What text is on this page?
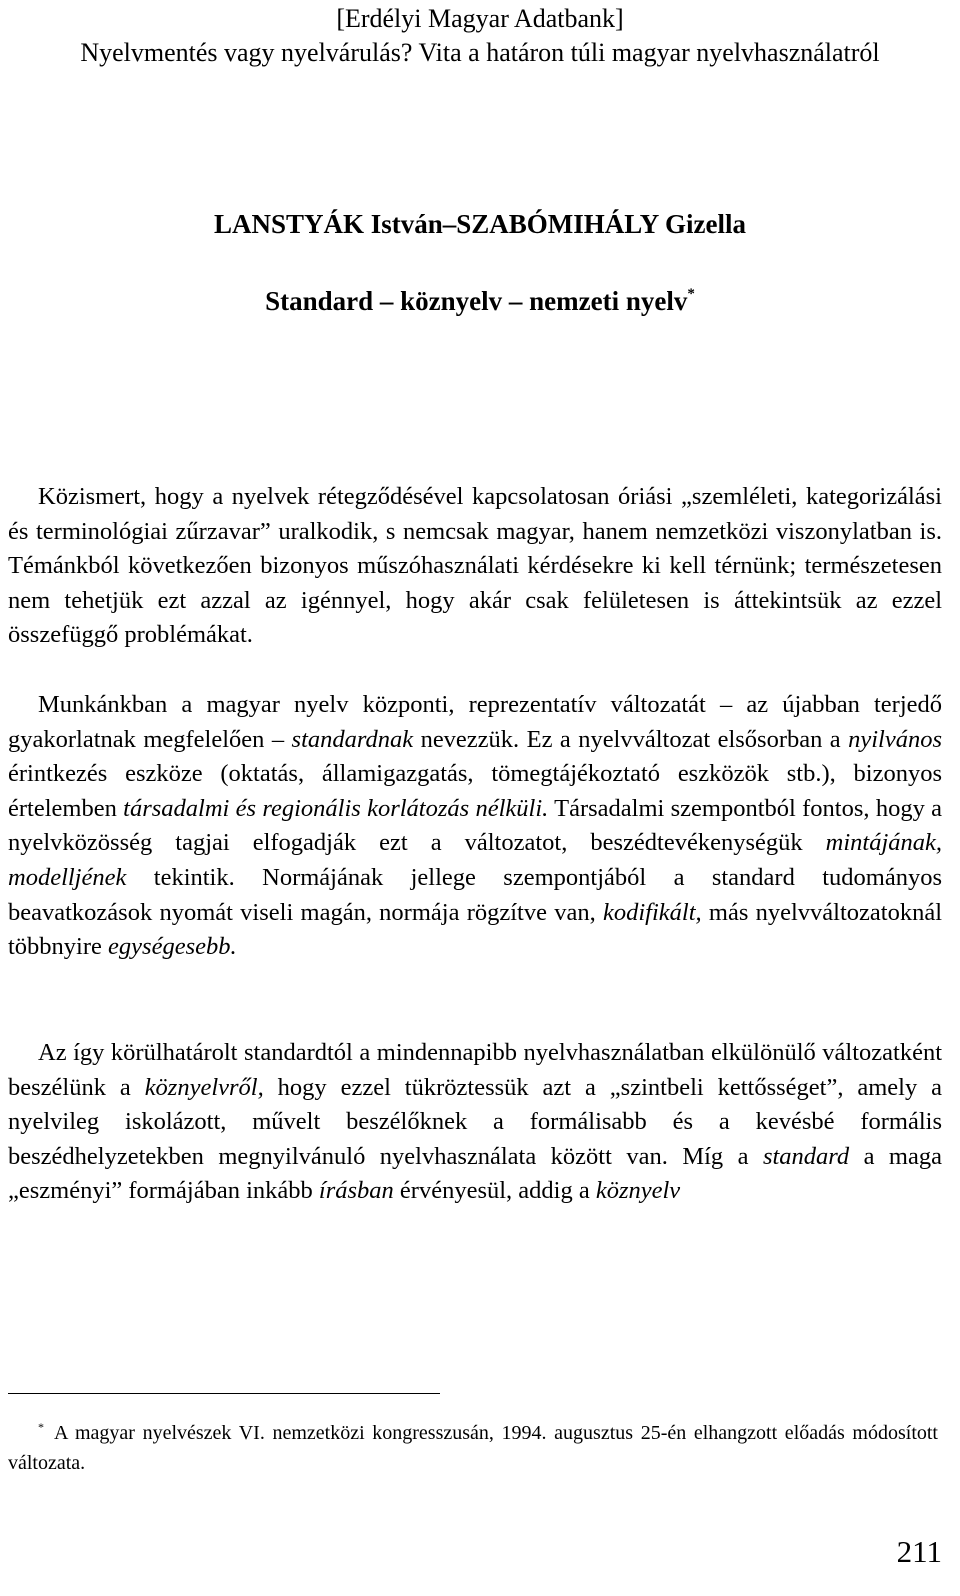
[Erdélyi Magyar Adatbank]
Nyelvmentés vagy nyelvárulás? Vita a határon túli magyar nyelvhasználatról
LANSTYÁK István–SZABÓMIHÁLY Gizella
Standard – köznyelv – nemzeti nyelv*

Közismert, hogy a nyelvek rétegződésével kapcsolatosan óriási „szemléleti, kategorizálási és terminológiai zűrzavar” uralkodik, s nemcsak magyar, hanem nemzetközi viszonylatban is. Témánkból következően bizonyos műszóhasználati kérdésekre ki kell térnünk; természetesen nem tehetjük ezt azzal az igénnyel, hogy akár csak felületesen is áttekintsük az ezzel összefüggő problémákat.

Munkánkban a magyar nyelv központi, reprezentatív változatát – az újabban terjedő gyakorlatnak megfelelően – standardnak nevezzük. Ez a nyelvváltozat elsősorban a nyilvános érintkezés eszköze (oktatás, államigazgatás, tömegtájékoztató eszközök stb.), bizonyos értelemben társadalmi és regionális korlátozás nélküli. Társadalmi szempontból fontos, hogy a nyelvközösség tagjai elfogadják ezt a változatot, beszédtevékenységük mintájának, modelljének tekintik. Normájának jellege szempontjából a standard tudományos beavatkozások nyomát viseli magán, normája rögzítve van, kodifikált, más nyelvváltozatoknál többnyire egységesebb.

Az így körülhatárolt standardtól a mindennapibb nyelvhasználatban elkülönülő változatként beszélünk a köznyelvről, hogy ezzel tükröztessük azt a „szintbeli kettősséget”, amely a nyelvileg iskolázott, művelt beszélőknek a formálisabb és a kevésbé formális beszédhelyzetekben megnyilvánuló nyelvhasználata között van. Míg a standard a maga „eszményi” formájában inkább írásban érvényesül, addig a köznyelv

* A magyar nyelvészek VI. nemzetközi kongresszusán, 1994. augusztus 25-én elhangzott előadás módosított változata.

211
